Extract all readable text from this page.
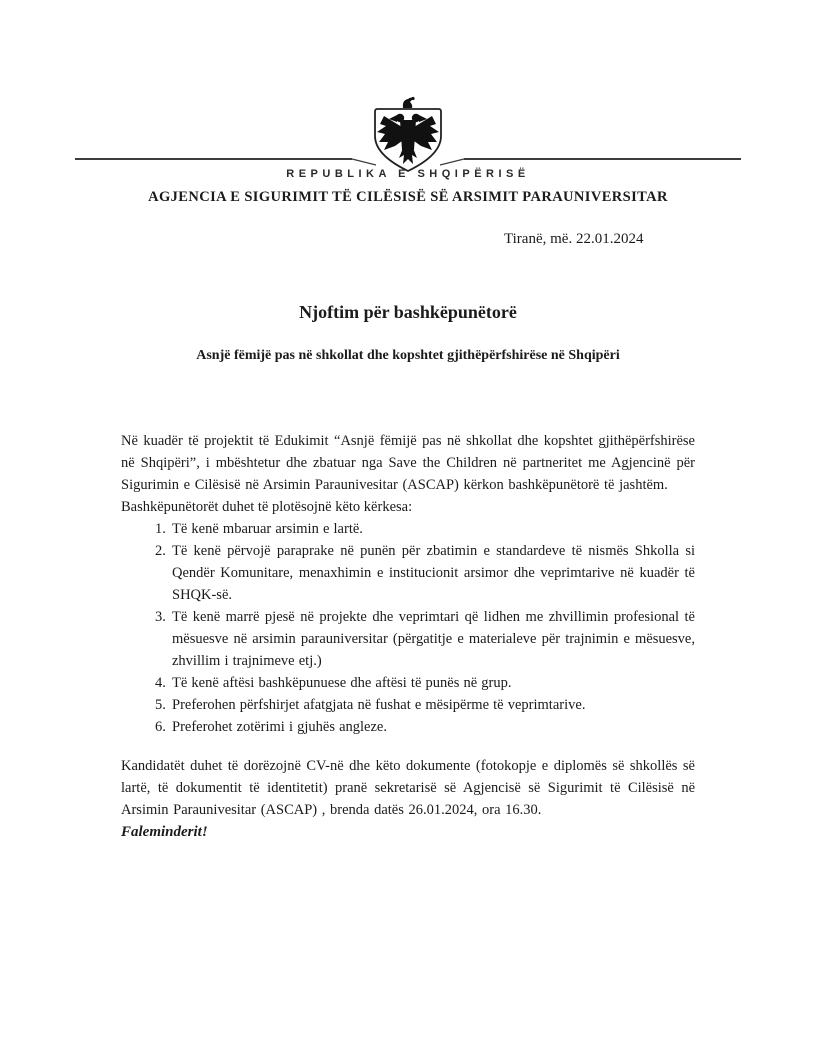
REPUBLIKA E SHQIPËRISË
AGJENCIA E SIGURIMIT TË CILËSISË SË ARSIMIT PARAUNIVERSITAR
Tiranë, më. 22.01.2024
Njoftim për bashkëpunëtorë
Asnjë fëmijë pas në shkollat dhe kopshtet gjithëpërfshirëse në Shqipëri

Në kuadër të projektit të Edukimit “Asnjë fëmijë pas në shkollat dhe kopshtet gjithëpërfshirëse në Shqipëri”, i mbështetur dhe zbatuar nga Save the Children në partneritet me Agjencinë për Sigurimin e Cilësisë në Arsimin Paraunivesitar (ASCAP) kërkon bashkëpunëtorë të jashtëm.

Bashkëpunëtorët duhet të plotësojnë këto kërkesa:

1. Të kenë mbaruar arsimin e lartë.
2. Të kenë përvojë paraprake në punën për zbatimin e standardeve të nismës Shkolla si Qendër Komunitare, menaxhimin e institucionit arsimor dhe veprimtarive në kuadër të SHQK-së.
3. Të kenë marrë pjesë në projekte dhe veprimtari që lidhen me zhvillimin profesional të mësuesve në arsimin parauniversitar (përgatitje e materialeve për trajnimin e mësuesve, zhvillim i trajnimeve etj.)
4. Të kenë aftësi bashkëpunuese dhe aftësi të punës në grup.
5. Preferohen përfshirjet afatgjata në fushat e mësipërme të veprimtarive.
6. Preferohet zotërimi i gjuhës angleze.

Kandidatët duhet të dorëzojnë CV-në dhe këto dokumente (fotokopje e diplomës së shkollës së lartë, të dokumentit të identitetit) pranë sekretarisë së Agjencisë së Sigurimit të Cilësisë në Arsimin Paraunivesitar (ASCAP) , brenda datës 26.01.2024, ora 16.30.

Faleminderit!
